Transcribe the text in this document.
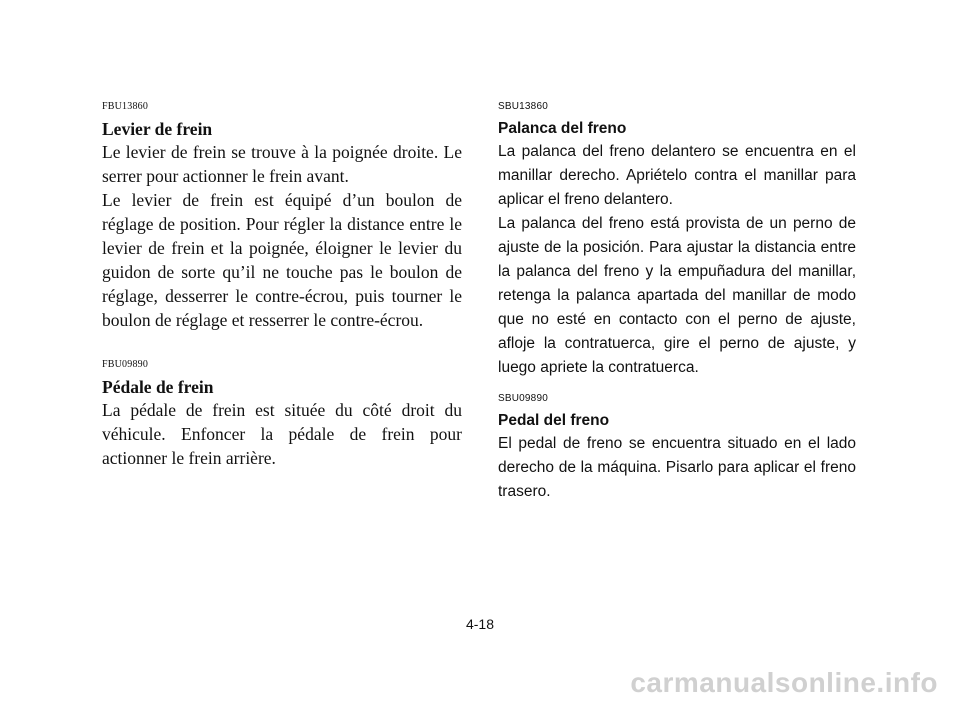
FBU13860
Levier de frein

Le levier de frein se trouve à la poignée droite. Le serrer pour actionner le frein avant.

Le levier de frein est équipé d’un boulon de réglage de position. Pour régler la distance entre le levier de frein et la poignée, éloigner le levier du guidon de sorte qu’il ne touche pas le boulon de réglage, desserrer le contre-écrou, puis tourner le boulon de réglage et resserrer le contre-écrou.

FBU09890
Pédale de frein

La pédale de frein est située du côté droit du véhicule. Enfoncer la pédale de frein pour actionner le frein arrière.

SBU13860
Palanca del freno

La palanca del freno delantero se encuentra en el manillar derecho. Apriételo contra el manillar para aplicar el freno delantero.

La palanca del freno está provista de un perno de ajuste de la posición. Para ajustar la distancia entre la palanca del freno y la empuñadura del manillar, retenga la palanca apartada del manillar de modo que no esté en contacto con el perno de ajuste, afloje la contratuerca, gire el perno de ajuste, y luego apriete la contratuerca.

SBU09890
Pedal del freno

El pedal de freno se encuentra situado en el lado derecho de la máquina. Pisarlo para aplicar el freno trasero.

4-18
carmanualsonline.info
